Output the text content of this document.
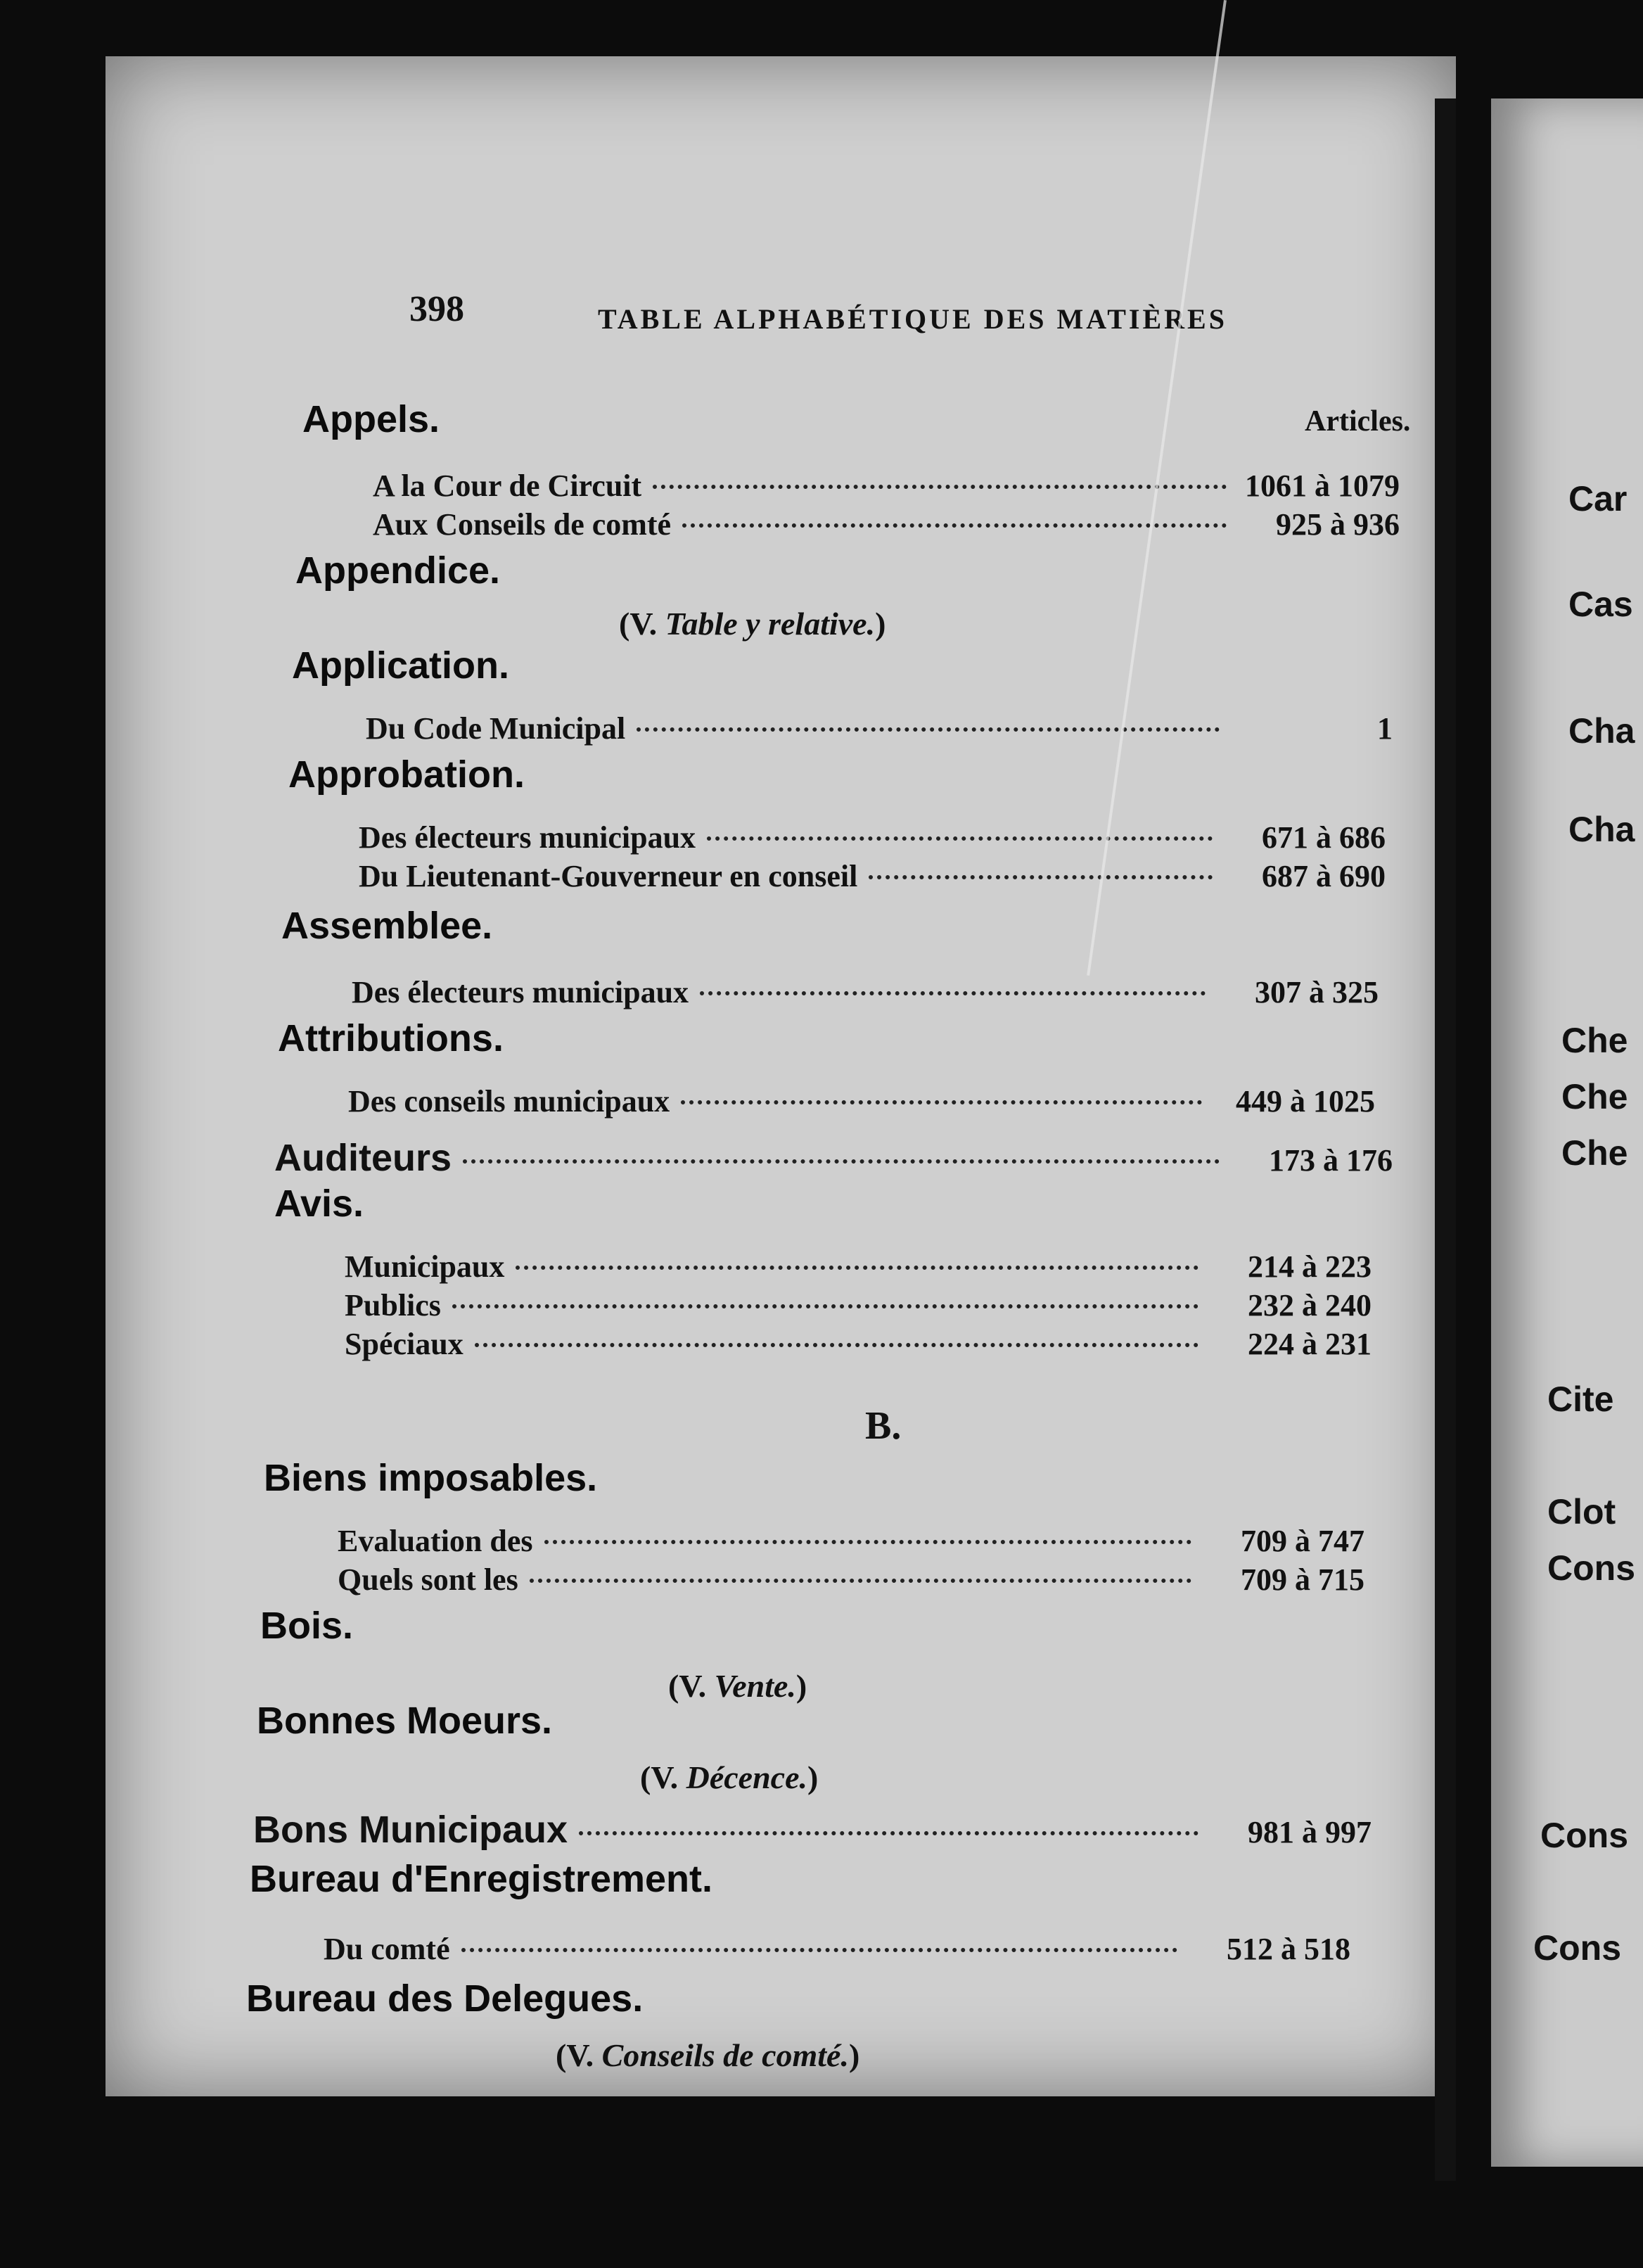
398	TABLE ALPHABÉTIQUE DES MATIÈRES
Articles.
Appels.
A la Cour de Circuit	1061 à 1079
Aux Conseils de comté	925 à 936
Appendice.
(V. Table y relative.)
Application.
Du Code Municipal	1
Approbation.
Des électeurs municipaux	671 à 686
Du Lieutenant-Gouverneur en conseil	687 à 690
Assemblee.
Des électeurs municipaux	307 à 325
Attributions.
Des conseils municipaux	449 à 1025
Auditeurs	173 à 176
Avis.
Municipaux	214 à 223
Publics	232 à 240
Spéciaux	224 à 231
B.
Biens imposables.
Evaluation des	709 à 747
Quels sont les	709 à 715
Bois.
(V. Vente.)
Bonnes Moeurs.
(V. Décence.)
Bons Municipaux	981 à 997
Bureau d'Enregistrement.
Du comté	512 à 518
Bureau des Delegues.
(V. Conseils de comté.)
Car
Cas
Cha
Cha
Che
Che
Che
Cite
Clot
Cons
Cons
Cons
